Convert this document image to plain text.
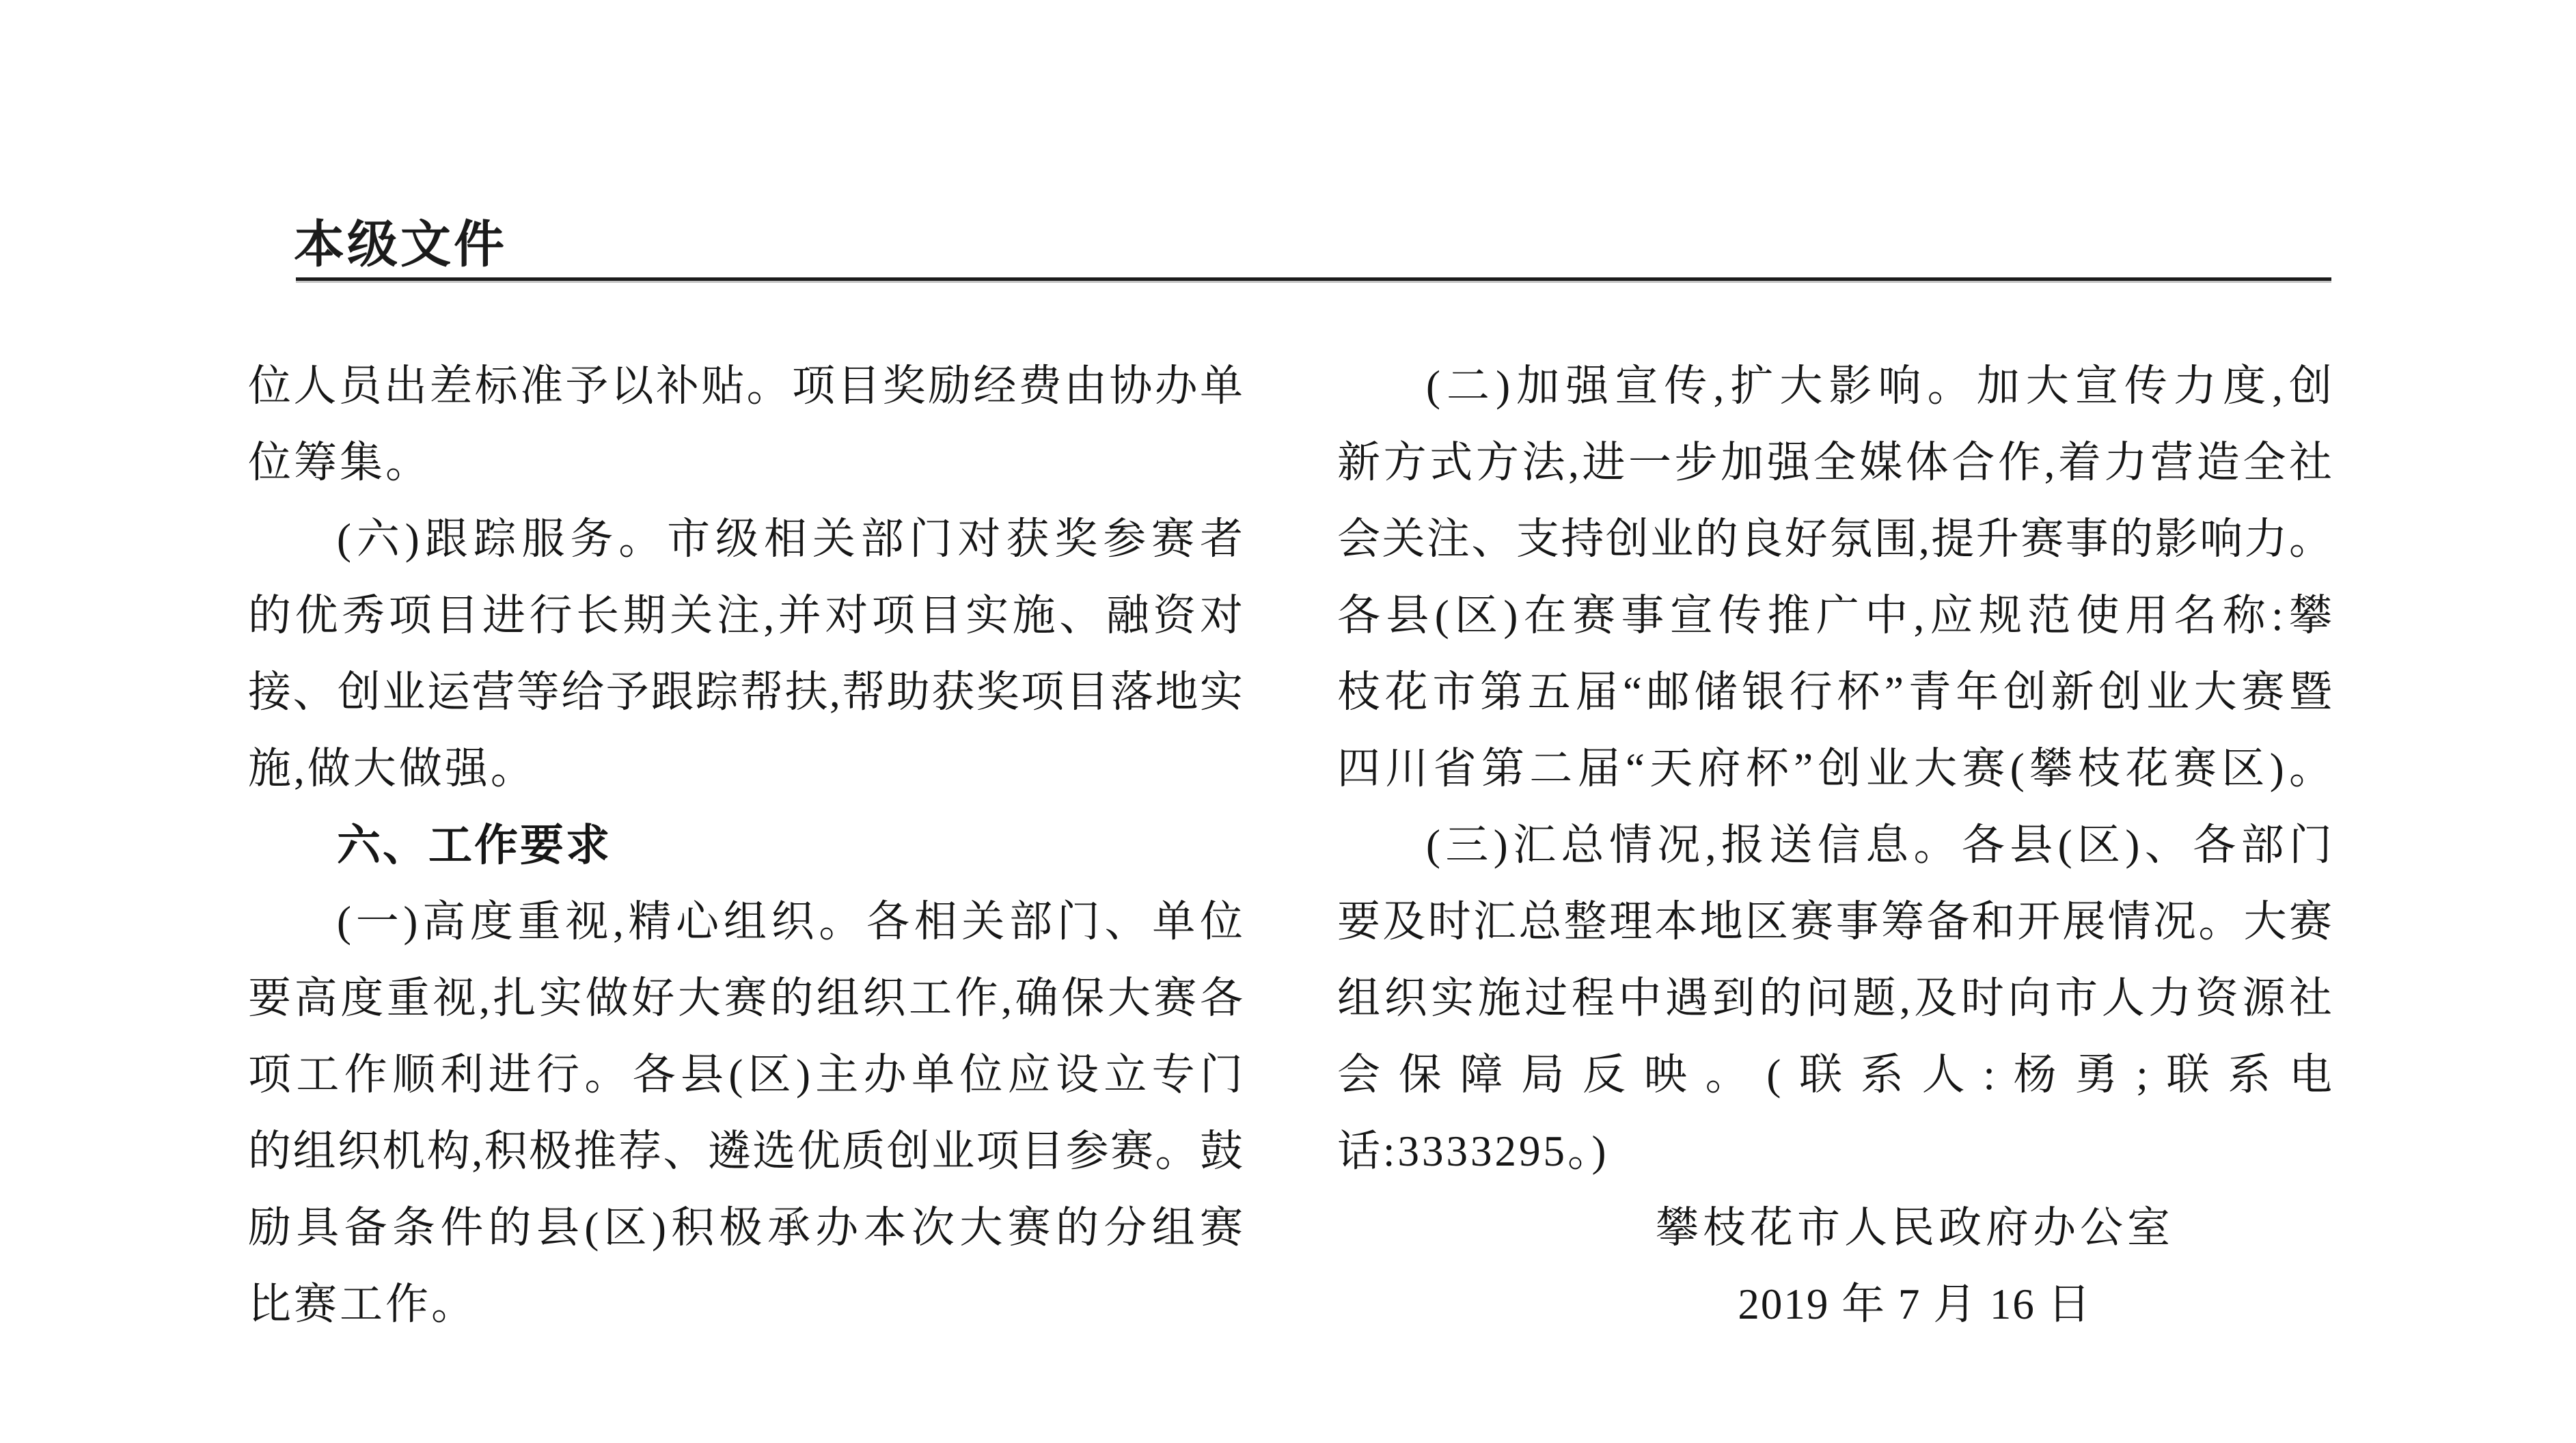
本级文件

位人员出差标准予以补贴。项目奖励经费由协办单

位筹集。

(六)跟踪服务。市级相关部门对获奖参赛者

的优秀项目进行长期关注,并对项目实施、融资对

接、创业运营等给予跟踪帮扶,帮助获奖项目落地实

施,做大做强。

六、工作要求

(一)高度重视,精心组织。各相关部门、单位

要高度重视,扎实做好大赛的组织工作,确保大赛各

项工作顺利进行。各县(区)主办单位应设立专门

的组织机构,积极推荐、遴选优质创业项目参赛。鼓

励具备条件的县(区)积极承办本次大赛的分组赛

比赛工作。

(二)加强宣传,扩大影响。加大宣传力度,创

新方式方法,进一步加强全媒体合作,着力营造全社

会关注、支持创业的良好氛围,提升赛事的影响力。

各县(区)在赛事宣传推广中,应规范使用名称:攀

枝花市第五届“邮储银行杯”青年创新创业大赛暨

四川省第二届“天府杯”创业大赛(攀枝花赛区)。

(三)汇总情况,报送信息。各县(区)、各部门

要及时汇总整理本地区赛事筹备和开展情况。大赛

组织实施过程中遇到的问题,及时向市人力资源社

会保障局反映。(联系人:杨勇;联系电

话:3333295。)

攀枝花市人民政府办公室

2019 年 7 月 16 日
